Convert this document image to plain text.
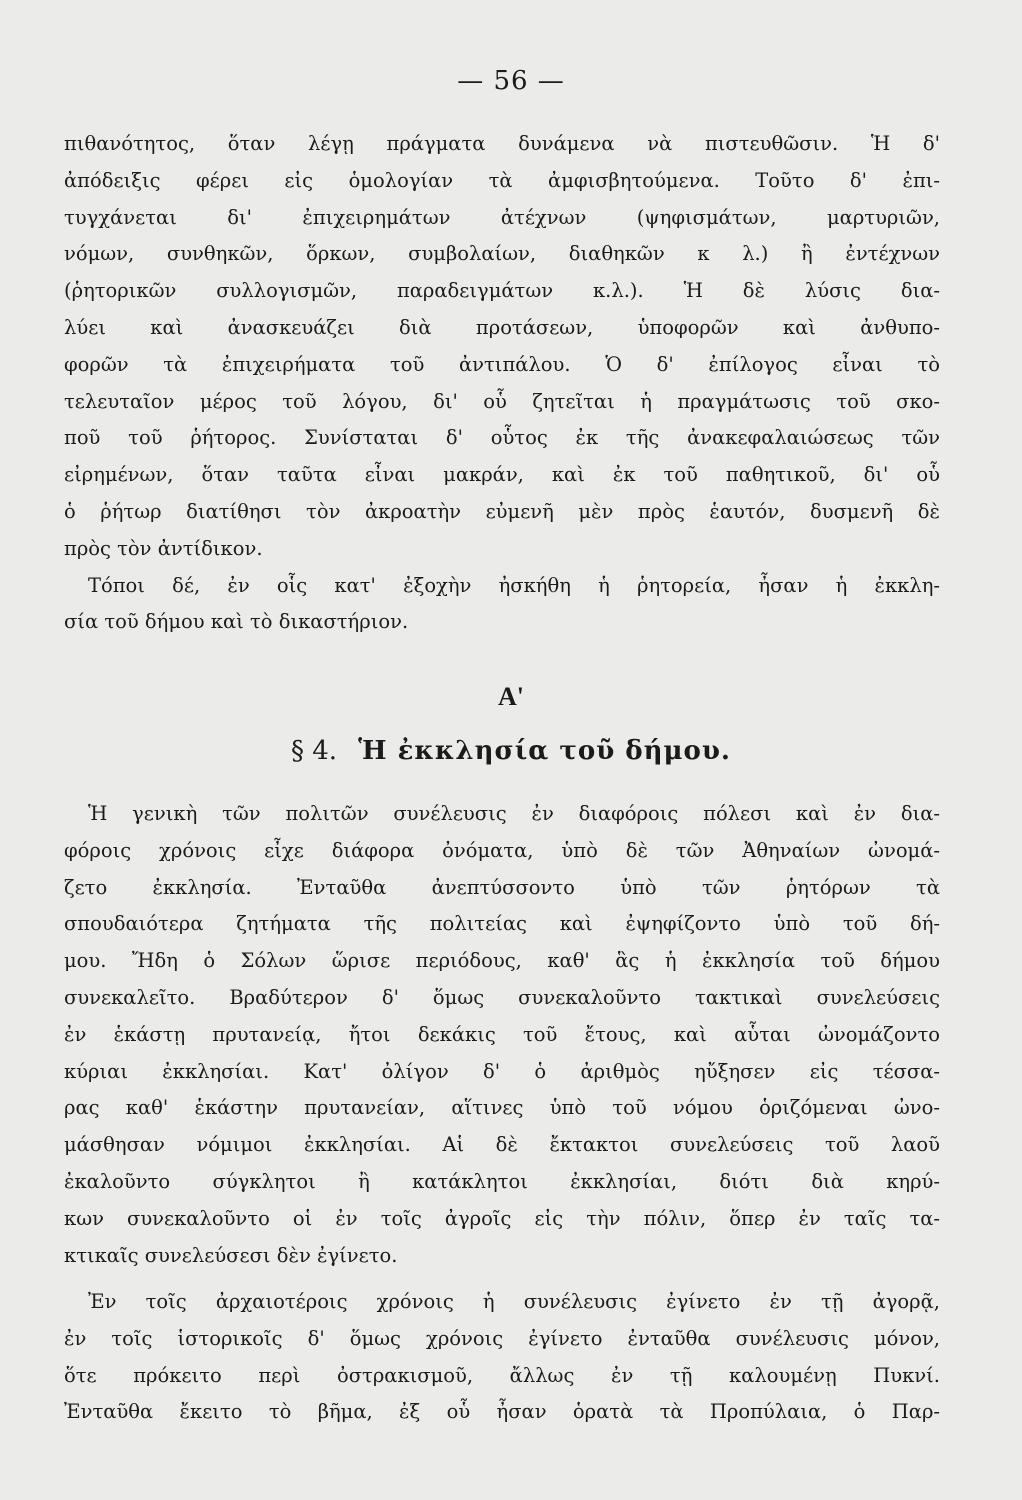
— 56 —
πιθανότητος, ὅταν λέγῃ πράγματα δυνάμενα νὰ πιστευθῶσιν. Ἡ δ'
ἀπόδειξις φέρει εἰς ὁμολογίαν τὰ ἀμφισβητούμενα. Τοῦτο δ' ἐπι-
τυγχάνεται δι' ἐπιχειρημάτων ἀτέχνων (ψηφισμάτων, μαρτυριῶν,
νόμων, συνθηκῶν, ὅρκων, συμβολαίων, διαθηκῶν κ λ.) ἢ ἐντέχνων
(ῥητορικῶν συλλογισμῶν, παραδειγμάτων κ.λ.). Ἡ δὲ λύσις δια-
λύει καὶ ἀνασκευάζει διὰ προτάσεων, ὑποφορῶν καὶ ἀνθυπο-
φορῶν τὰ ἐπιχειρήματα τοῦ ἀντιπάλου. Ὁ δ' ἐπίλογος εἶναι τὸ
τελευταῖον μέρος τοῦ λόγου, δι' οὗ ζητεῖται ἡ πραγμάτωσις τοῦ σκο-
ποῦ τοῦ ῥήτορος. Συνίσταται δ' οὗτος ἐκ τῆς ἀνακεφαλαιώσεως τῶν
εἰρημένων, ὅταν ταῦτα εἶναι μακράν, καὶ ἐκ τοῦ παθητικοῦ, δι' οὗ
ὁ ῥήτωρ διατίθησι τὸν ἀκροατὴν εὐμενῆ μὲν πρὸς ἑαυτόν, δυσμενῆ δὲ
πρὸς τὸν ἀντίδικον.
Τόποι δέ, ἐν οἷς κατ' ἐξοχὴν ἠσκήθη ἡ ῥητορεία, ἦσαν ἡ ἐκκλη-
σία τοῦ δήμου καὶ τὸ δικαστήριον.
Α'
§ 4. Ἡ ἐκκλησία τοῦ δήμου.
Ἡ γενικὴ τῶν πολιτῶν συνέλευσις ἐν διαφόροις πόλεσι καὶ ἐν δια-
φόροις χρόνοις εἶχε διάφορα ὀνόματα, ὑπὸ δὲ τῶν Ἀθηναίων ὠνομά-
ζετο ἐκκλησία. Ἐνταῦθα ἀνεπτύσσοντο ὑπὸ τῶν ῥητόρων τὰ
σπουδαιότερα ζητήματα τῆς πολιτείας καὶ ἐψηφίζοντο ὑπὸ τοῦ δή-
μου. Ἤδη ὁ Σόλων ὥρισε περιόδους, καθ' ἃς ἡ ἐκκλησία τοῦ δήμου
συνεκαλεῖτο. Βραδύτερον δ' ὅμως συνεκαλοῦντο τακτικαὶ συνελεύσεις
ἐν ἑκάστῃ πρυτανείᾳ, ἤτοι δεκάκις τοῦ ἔτους, καὶ αὗται ὠνομάζοντο
κύριαι ἐκκλησίαι. Κατ' ὀλίγον δ' ὁ ἀριθμὸς ηὔξησεν εἰς τέσσα-
ρας καθ' ἑκάστην πρυτανείαν, αἵτινες ὑπὸ τοῦ νόμου ὁριζόμεναι ὠνο-
μάσθησαν νόμιμοι ἐκκλησίαι. Αἱ δὲ ἔκτακτοι συνελεύσεις τοῦ λαοῦ
ἐκαλοῦντο σύγκλητοι ἢ κατάκλητοι ἐκκλησίαι, διότι διὰ κηρύ-
κων συνεκαλοῦντο οἱ ἐν τοῖς ἀγροῖς εἰς τὴν πόλιν, ὅπερ ἐν ταῖς τα-
κτικαῖς συνελεύσεσι δὲν ἐγίνετο.
Ἐν τοῖς ἀρχαιοτέροις χρόνοις ἡ συνέλευσις ἐγίνετο ἐν τῇ ἀγορᾷ,
ἐν τοῖς ἱστορικοῖς δ' ὅμως χρόνοις ἐγίνετο ἐνταῦθα συνέλευσις μόνον,
ὅτε πρόκειτο περὶ ὀστρακισμοῦ, ἄλλως ἐν τῇ καλουμένῃ Πυκνί.
Ἐνταῦθα ἔκειτο τὸ βῆμα, ἐξ οὗ ἦσαν ὁρατὰ τὰ Προπύλαια, ὁ Παρ-
